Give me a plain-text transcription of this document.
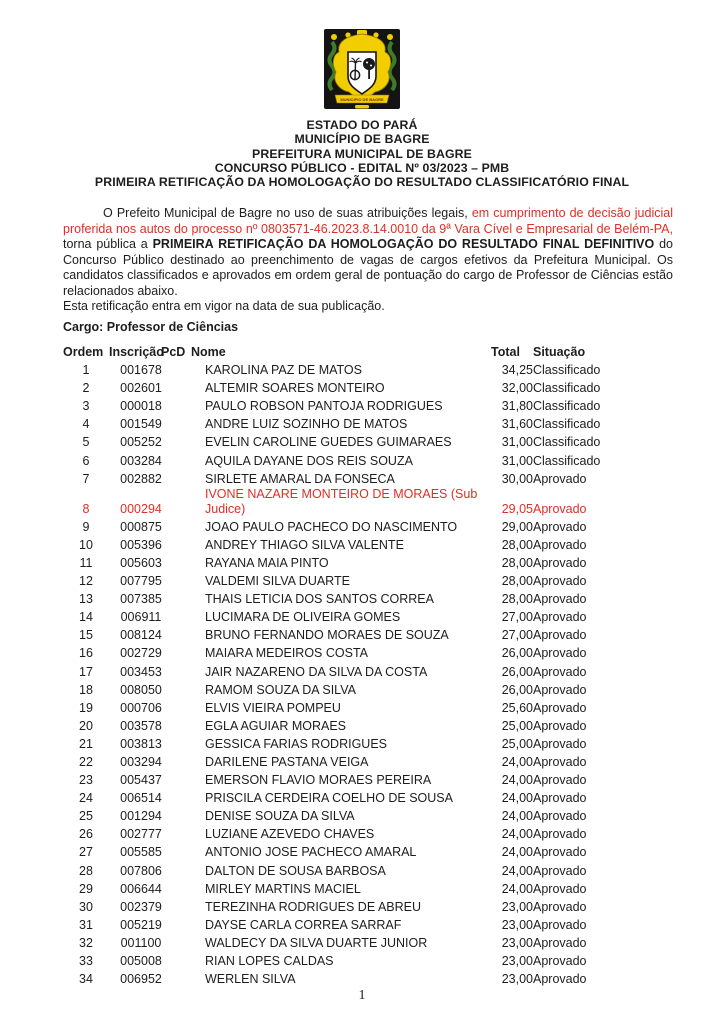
MUNICIPIO DE BAGRE
ESTADO DO PARÁ
MUNICÍPIO DE BAGRE
PREFEITURA MUNICIPAL DE BAGRE
CONCURSO PÚBLICO - EDITAL Nº 03/2023 – PMB
PRIMEIRA RETIFICAÇÃO DA HOMOLOGAÇÃO DO RESULTADO CLASSIFICATÓRIO FINAL

O Prefeito Municipal de Bagre no uso de suas atribuições legais, em cumprimento de decisão judicial proferida nos autos do processo nº 0803571-46.2023.8.14.0010 da 9ª Vara Cível e Empresarial de Belém-PA, torna pública a PRIMEIRA RETIFICAÇÃO DA HOMOLOGAÇÃO DO RESULTADO FINAL DEFINITIVO do Concurso Público destinado ao preenchimento de vagas de cargos efetivos da Prefeitura Municipal. Os candidatos classificados e aprovados em ordem geral de pontuação do cargo de Professor de Ciências estão relacionados abaixo.

Esta retificação entra em vigor na data de sua publicação.

Cargo: Professor de Ciências
Ordem	Inscrição	PcD	Nome	Total	Situação
1	001678		KAROLINA PAZ DE MATOS	34,25	Classificado
2	002601		ALTEMIR SOARES MONTEIRO	32,00	Classificado
3	000018		PAULO ROBSON PANTOJA RODRIGUES	31,80	Classificado
4	001549		ANDRE LUIZ SOZINHO DE MATOS	31,60	Classificado
5	005252		EVELIN CAROLINE GUEDES GUIMARAES	31,00	Classificado
6	003284		AQUILA DAYANE DOS REIS SOUZA	31,00	Classificado
7	002882		SIRLETE AMARAL DA FONSECA	30,00	Aprovado
8	000294		IVONE NAZARE MONTEIRO DE MORAES (Sub Judice)	29,05	Aprovado
9	000875		JOAO PAULO PACHECO DO NASCIMENTO	29,00	Aprovado
10	005396		ANDREY THIAGO SILVA VALENTE	28,00	Aprovado
11	005603		RAYANA MAIA PINTO	28,00	Aprovado
12	007795		VALDEMI SILVA DUARTE	28,00	Aprovado
13	007385		THAIS LETICIA DOS SANTOS CORREA	28,00	Aprovado
14	006911		LUCIMARA DE OLIVEIRA GOMES	27,00	Aprovado
15	008124		BRUNO FERNANDO MORAES DE SOUZA	27,00	Aprovado
16	002729		MAIARA MEDEIROS COSTA	26,00	Aprovado
17	003453		JAIR NAZARENO DA SILVA DA COSTA	26,00	Aprovado
18	008050		RAMOM SOUZA DA SILVA	26,00	Aprovado
19	000706		ELVIS VIEIRA POMPEU	25,60	Aprovado
20	003578		EGLA AGUIAR MORAES	25,00	Aprovado
21	003813		GESSICA FARIAS RODRIGUES	25,00	Aprovado
22	003294		DARILENE PASTANA VEIGA	24,00	Aprovado
23	005437		EMERSON FLAVIO MORAES PEREIRA	24,00	Aprovado
24	006514		PRISCILA CERDEIRA COELHO DE SOUSA	24,00	Aprovado
25	001294		DENISE SOUZA DA SILVA	24,00	Aprovado
26	002777		LUZIANE AZEVEDO CHAVES	24,00	Aprovado
27	005585		ANTONIO JOSE PACHECO AMARAL	24,00	Aprovado
28	007806		DALTON DE SOUSA BARBOSA	24,00	Aprovado
29	006644		MIRLEY MARTINS MACIEL	24,00	Aprovado
30	002379		TEREZINHA RODRIGUES DE ABREU	23,00	Aprovado
31	005219		DAYSE CARLA CORREA SARRAF	23,00	Aprovado
32	001100		WALDECY DA SILVA DUARTE JUNIOR	23,00	Aprovado
33	005008		RIAN LOPES CALDAS	23,00	Aprovado
34	006952		WERLEN SILVA	23,00	Aprovado
1
